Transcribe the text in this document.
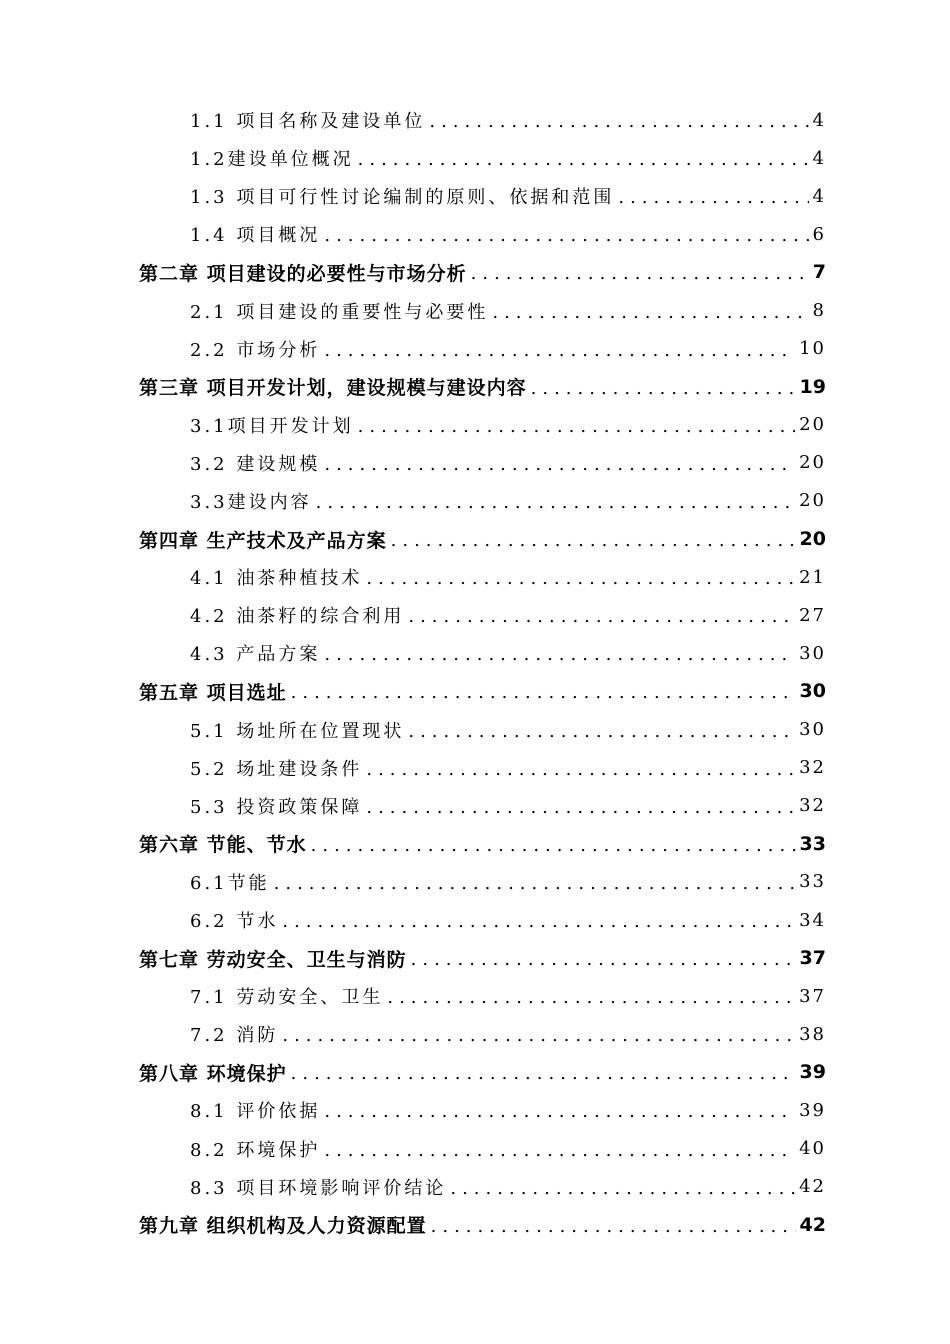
1.1 项目名称及建设单位 .....	4
1.2建设单位概况 .....	4
1.3 项目可行性讨论编制的原则、依据和范围 .....	4
1.4 项目概况 .....	6
第二章 项目建设的必要性与市场分析 .....	7
2.1 项目建设的重要性与必要性 .....	8
2.2 市场分析 .....	10
第三章 项目开发计划，建设规模与建设内容 .....	19
3.1项目开发计划 .....	20
3.2 建设规模 .....	20
3.3建设内容 .....	20
第四章 生产技术及产品方案 .....	20
4.1 油茶种植技术 .....	21
4.2 油茶籽的综合利用 .....	27
4.3 产品方案 .....	30
第五章 项目选址 .....	30
5.1 场址所在位置现状 .....	30
5.2 场址建设条件 .....	32
5.3 投资政策保障 .....	32
第六章 节能、节水 .....	33
6.1节能 .....	33
6.2 节水 .....	34
第七章 劳动安全、卫生与消防 .....	37
7.1 劳动安全、卫生 .....	37
7.2 消防 .....	38
第八章 环境保护 .....	39
8.1 评价依据 .....	39
8.2 环境保护 .....	40
8.3 项目环境影响评价结论 .....	42
第九章 组织机构及人力资源配置 .....	42
